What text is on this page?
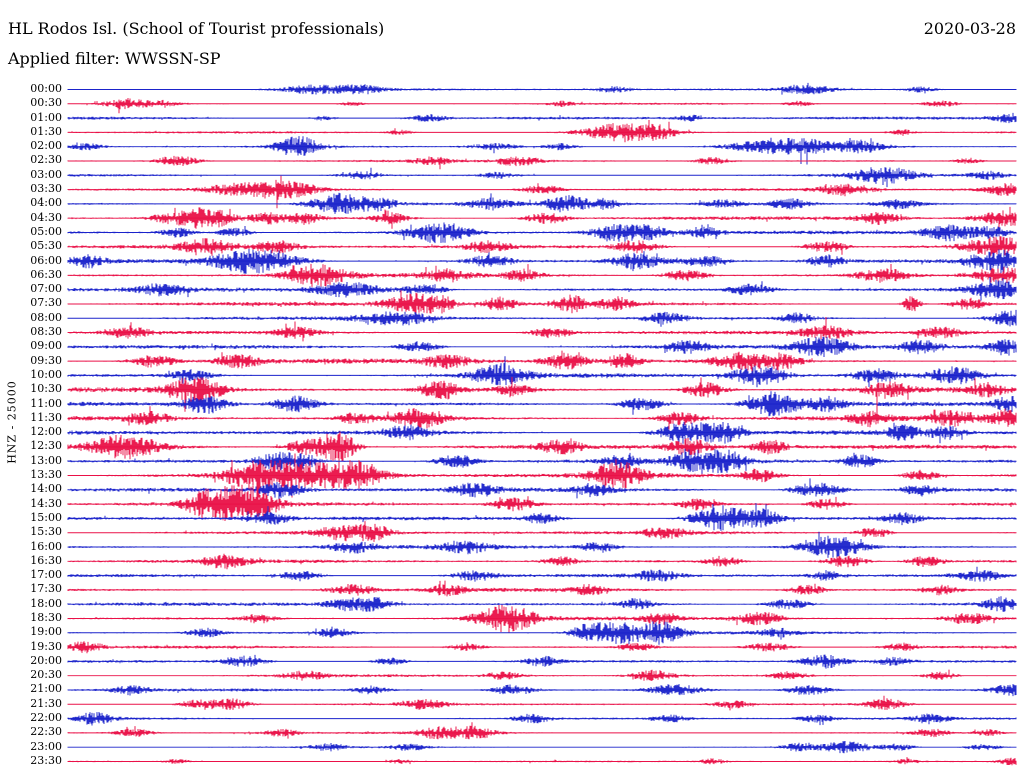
HL Rodos Isl. (School of Tourist professionals)	2020-03-28
Applied filter: WWSSN-SP
HNZ - 25000
00:00
00:30
01:00
01:30
02:00
02:30
03:00
03:30
04:00
04:30
05:00
05:30
06:00
06:30
07:00
07:30
08:00
08:30
09:00
09:30
10:00
10:30
11:00
11:30
12:00
12:30
13:00
13:30
14:00
14:30
15:00
15:30
16:00
16:30
17:00
17:30
18:00
18:30
19:00
19:30
20:00
20:30
21:00
21:30
22:00
22:30
23:00
23:30
